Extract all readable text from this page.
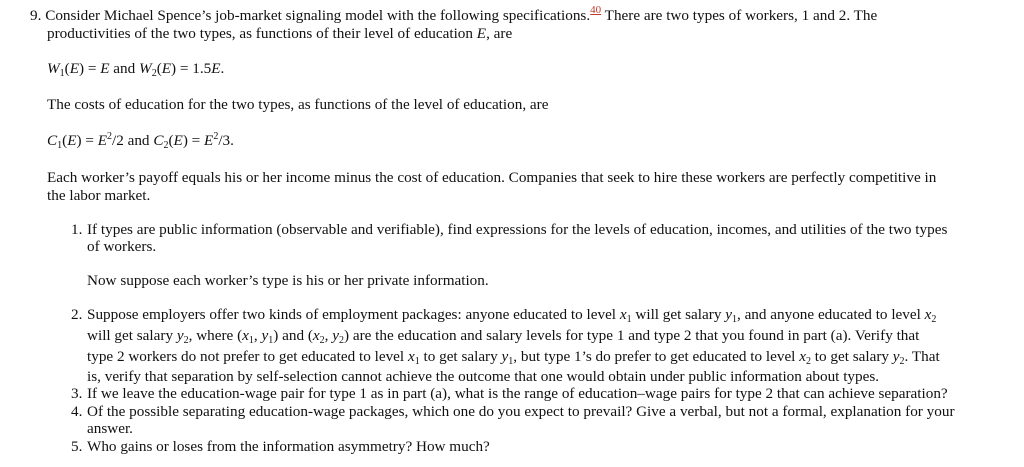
9. Consider Michael Spence’s job-market signaling model with the following specifications.$^{40}$ There are two types of workers, 1 and 2. The
productivities of the two types, as functions of their level of education E, are
$W_1(E) = E$ and $W_2(E) = 1.5E$.
The costs of education for the two types, as functions of the level of education, are
$C_1(E) = E^2/2$ and $C_2(E) = E^2/3$.
Each worker’s payoff equals his or her income minus the cost of education. Companies that seek to hire these workers are perfectly competitive in
the labor market.
1. If types are public information (observable and verifiable), find expressions for the levels of education, incomes, and utilities of the two types
of workers.
Now suppose each worker’s type is his or her private information.
2. Suppose employers offer two kinds of employment packages: anyone educated to level $x_1$ will get salary $y_1$, and anyone educated to level $x_2$
will get salary $y_2$, where ($x_1$, $y_1$) and ($x_2$, $y_2$) are the education and salary levels for type 1 and type 2 that you found in part (a). Verify that
type 2 workers do not prefer to get educated to level $x_1$ to get salary $y_1$, but type 1’s do prefer to get educated to level $x_2$ to get salary $y_2$. That
is, verify that separation by self-selection cannot achieve the outcome that one would obtain under public information about types.
3. If we leave the education-wage pair for type 1 as in part (a), what is the range of education–wage pairs for type 2 that can achieve separation?
4. Of the possible separating education-wage packages, which one do you expect to prevail? Give a verbal, but not a formal, explanation for your
answer.
5. Who gains or loses from the information asymmetry? How much?
